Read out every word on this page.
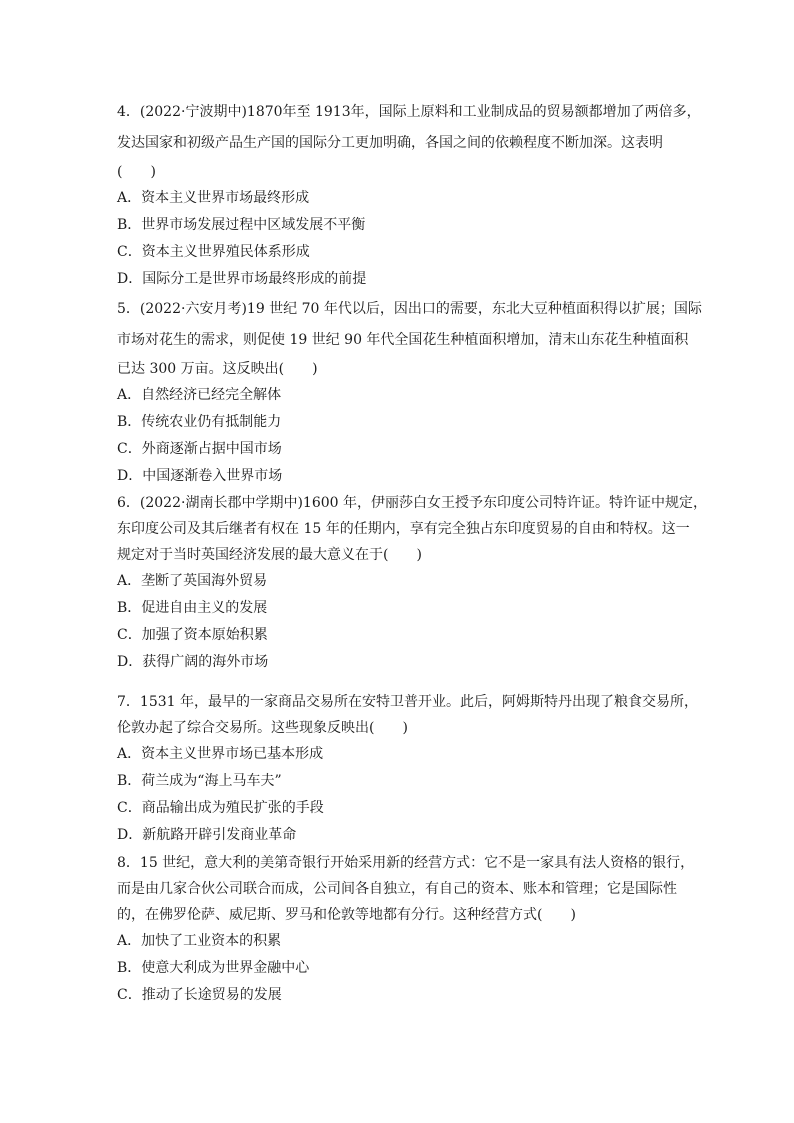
4．(2022·宁波期中)1870年至 1913年，国际上原料和工业制成品的贸易额都增加了两倍多，
发达国家和初级产品生产国的国际分工更加明确，各国之间的依赖程度不断加深。这表明
(　　)
A．资本主义世界市场最终形成
B．世界市场发展过程中区域发展不平衡
C．资本主义世界殖民体系形成
D．国际分工是世界市场最终形成的前提
5．(2022·六安月考)19 世纪 70 年代以后，因出口的需要，东北大豆种植面积得以扩展；国际
市场对花生的需求，则促使 19 世纪 90 年代全国花生种植面积增加，清末山东花生种植面积
已达 300 万亩。这反映出(　　)
A．自然经济已经完全解体
B．传统农业仍有抵制能力
C．外商逐渐占据中国市场
D．中国逐渐卷入世界市场
6．(2022·湖南长郡中学期中)1600 年，伊丽莎白女王授予东印度公司特许证。特许证中规定，
东印度公司及其后继者有权在 15 年的任期内，享有完全独占东印度贸易的自由和特权。这一
规定对于当时英国经济发展的最大意义在于(　　)
A．垄断了英国海外贸易
B．促进自由主义的发展
C．加强了资本原始积累
D．获得广阔的海外市场
7．1531 年，最早的一家商品交易所在安特卫普开业。此后，阿姆斯特丹出现了粮食交易所，
伦敦办起了综合交易所。这些现象反映出(　　)
A．资本主义世界市场已基本形成
B．荷兰成为“海上马车夫”
C．商品输出成为殖民扩张的手段
D．新航路开辟引发商业革命
8．15 世纪，意大利的美第奇银行开始采用新的经营方式：它不是一家具有法人资格的银行，
而是由几家合伙公司联合而成，公司间各自独立，有自己的资本、账本和管理；它是国际性
的，在佛罗伦萨、威尼斯、罗马和伦敦等地都有分行。这种经营方式(　　)
A．加快了工业资本的积累
B．使意大利成为世界金融中心
C．推动了长途贸易的发展
